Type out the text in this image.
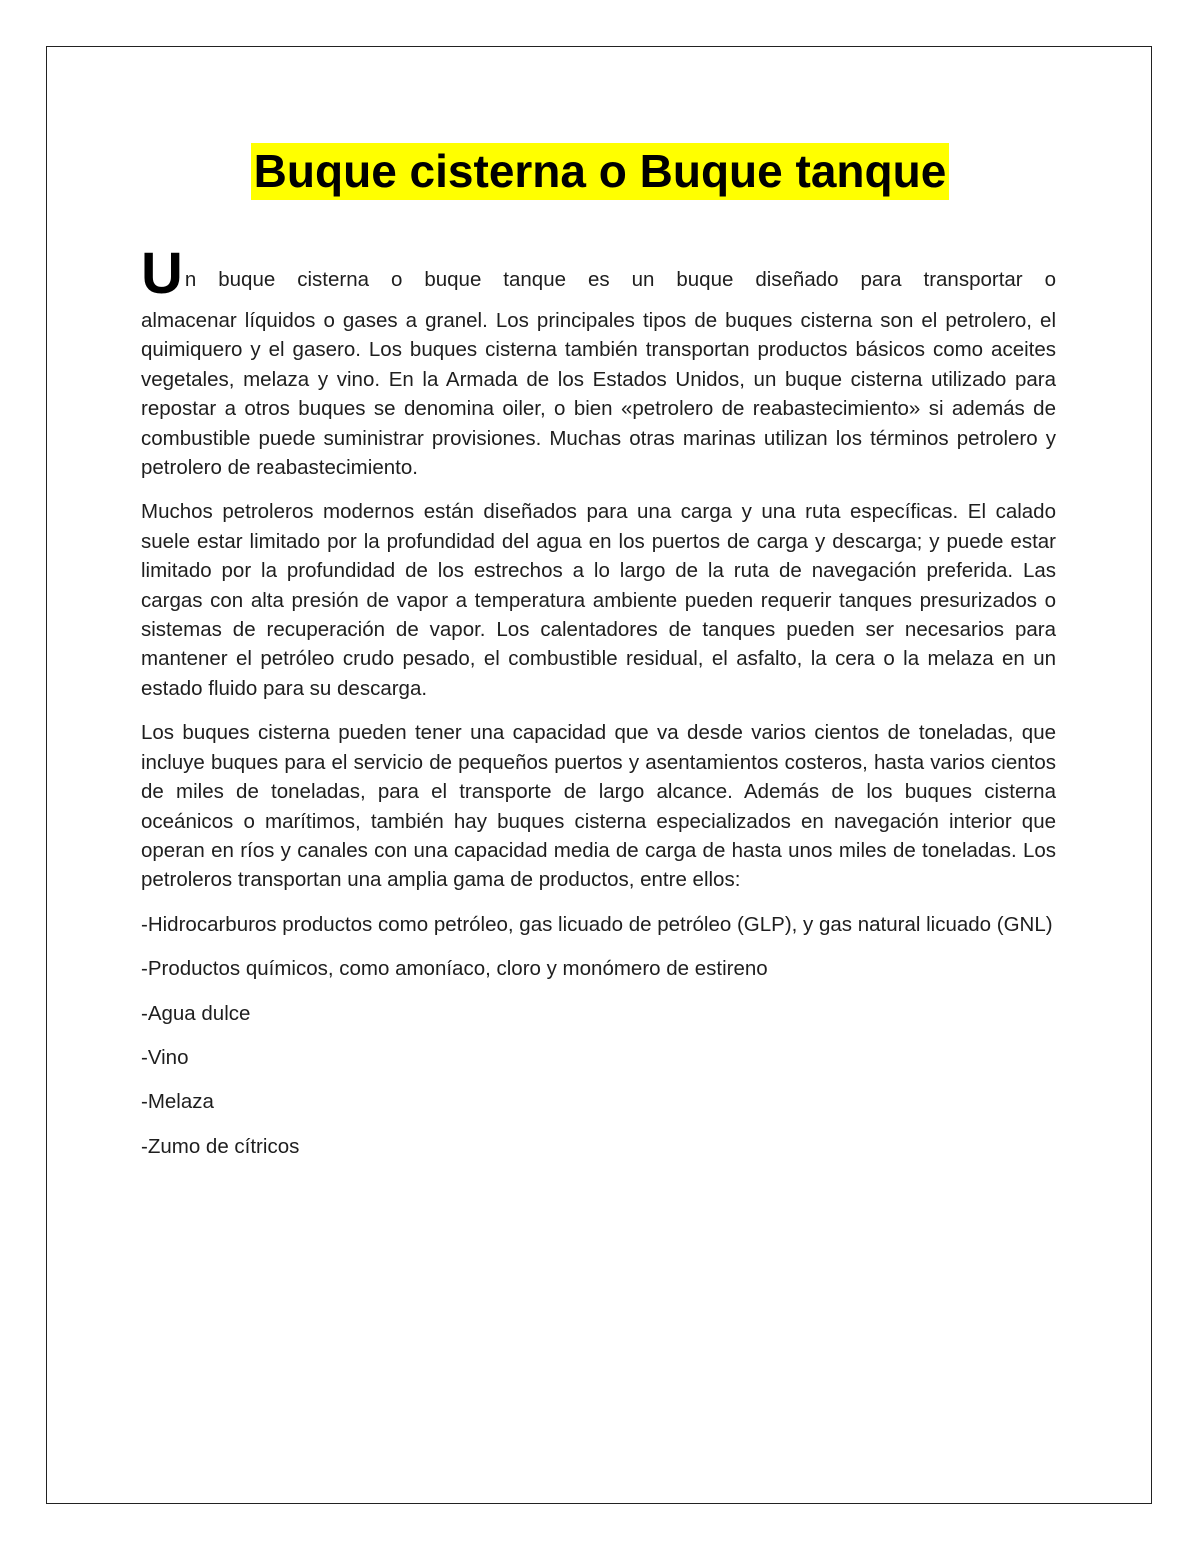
Buque cisterna o Buque tanque
U n buque cisterna o buque tanque es un buque diseñado para transportar o

almacenar líquidos o gases a granel. Los principales tipos de buques cisterna son el petrolero, el quimiquero y el gasero. Los buques cisterna también transportan productos básicos como aceites vegetales, melaza y vino. En la Armada de los Estados Unidos, un buque cisterna utilizado para repostar a otros buques se denomina oiler, o bien «petrolero de reabastecimiento» si además de combustible puede suministrar provisiones. Muchas otras marinas utilizan los términos petrolero y petrolero de reabastecimiento.

Muchos petroleros modernos están diseñados para una carga y una ruta específicas. El calado suele estar limitado por la profundidad del agua en los puertos de carga y descarga; y puede estar limitado por la profundidad de los estrechos a lo largo de la ruta de navegación preferida. Las cargas con alta presión de vapor a temperatura ambiente pueden requerir tanques presurizados o sistemas de recuperación de vapor. Los calentadores de tanques pueden ser necesarios para mantener el petróleo crudo pesado, el combustible residual, el asfalto, la cera o la melaza en un estado fluido para su descarga.

Los buques cisterna pueden tener una capacidad que va desde varios cientos de toneladas, que incluye buques para el servicio de pequeños puertos y asentamientos costeros, hasta varios cientos de miles de toneladas, para el transporte de largo alcance. Además de los buques cisterna oceánicos o marítimos, también hay buques cisterna especializados en navegación interior que operan en ríos y canales con una capacidad media de carga de hasta unos miles de toneladas. Los petroleros transportan una amplia gama de productos, entre ellos:

-Hidrocarburos productos como petróleo, gas licuado de petróleo (GLP), y gas natural licuado (GNL)

-Productos químicos, como amoníaco, cloro y monómero de estireno

-Agua dulce

-Vino

-Melaza

-Zumo de cítricos
